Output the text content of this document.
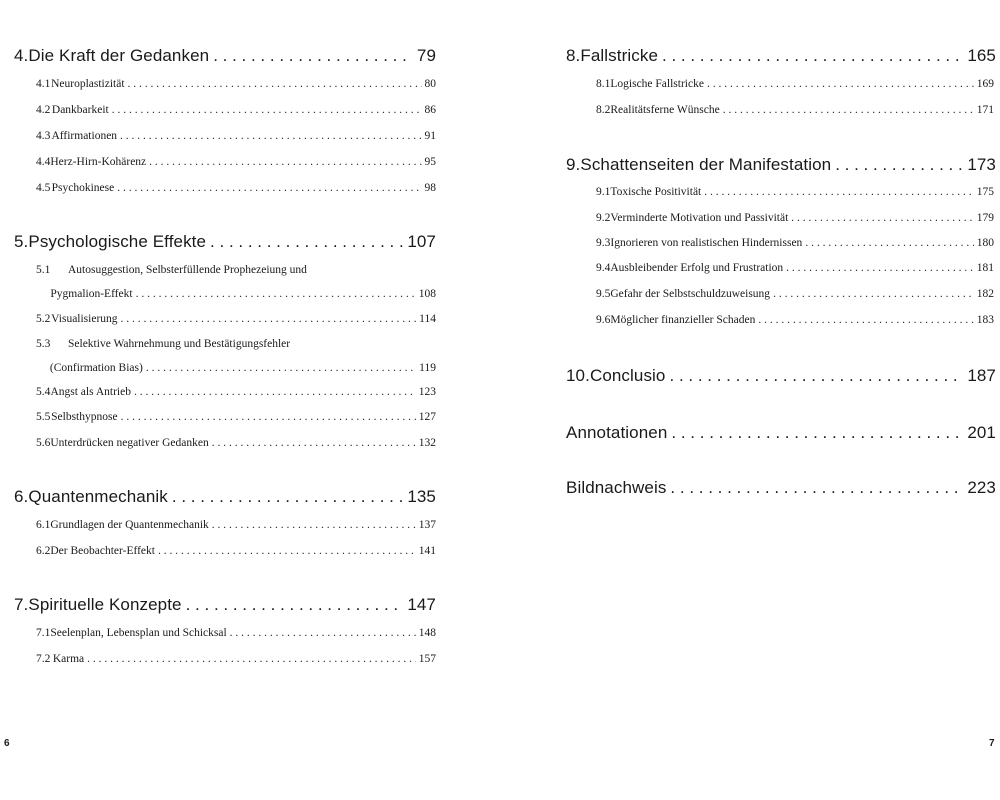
4. Die Kraft der Gedanken . . .	79
4.1 Neuroplastizität . . .	80
4.2 Dankbarkeit . . .	86
4.3 Affirmationen . . .	91
4.4 Herz-Hirn-Kohärenz . . .	95
4.5 Psychokinese . . .	98
5. Psychologische Effekte . . .	107
5.1 Autosuggestion, Selbsterfüllende Prophezeiung und
Pygmalion-Effekt . . .	108
5.2 Visualisierung . . .	114
5.3 Selektive Wahrnehmung und Bestätigungsfehler
(Confirmation Bias) . . .	119
5.4 Angst als Antrieb . . .	123
5.5 Selbsthypnose . . .	127
5.6 Unterdrücken negativer Gedanken . . .	132
6. Quantenmechanik . . .	135
6.1 Grundlagen der Quantenmechanik . . .	137
6.2 Der Beobachter-Effekt . . .	141
7. Spirituelle Konzepte . . .	147
7.1 Seelenplan, Lebensplan und Schicksal . . .	148
7.2 Karma . . .	157
6
8. Fallstricke . . .	165
8.1 Logische Fallstricke . . .	169
8.2 Realitätsferne Wünsche . . .	171
9. Schattenseiten der Manifestation . . .	173
9.1 Toxische Positivität . . .	175
9.2 Verminderte Motivation und Passivität . . .	179
9.3 Ignorieren von realistischen Hindernissen . . .	180
9.4 Ausbleibender Erfolg und Frustration . . .	181
9.5 Gefahr der Selbstschuldzuweisung . . .	182
9.6 Möglicher finanzieller Schaden . . .	183
10. Conclusio . . .	187
Annotationen . . .	201
Bildnachweis . . .	223
7
